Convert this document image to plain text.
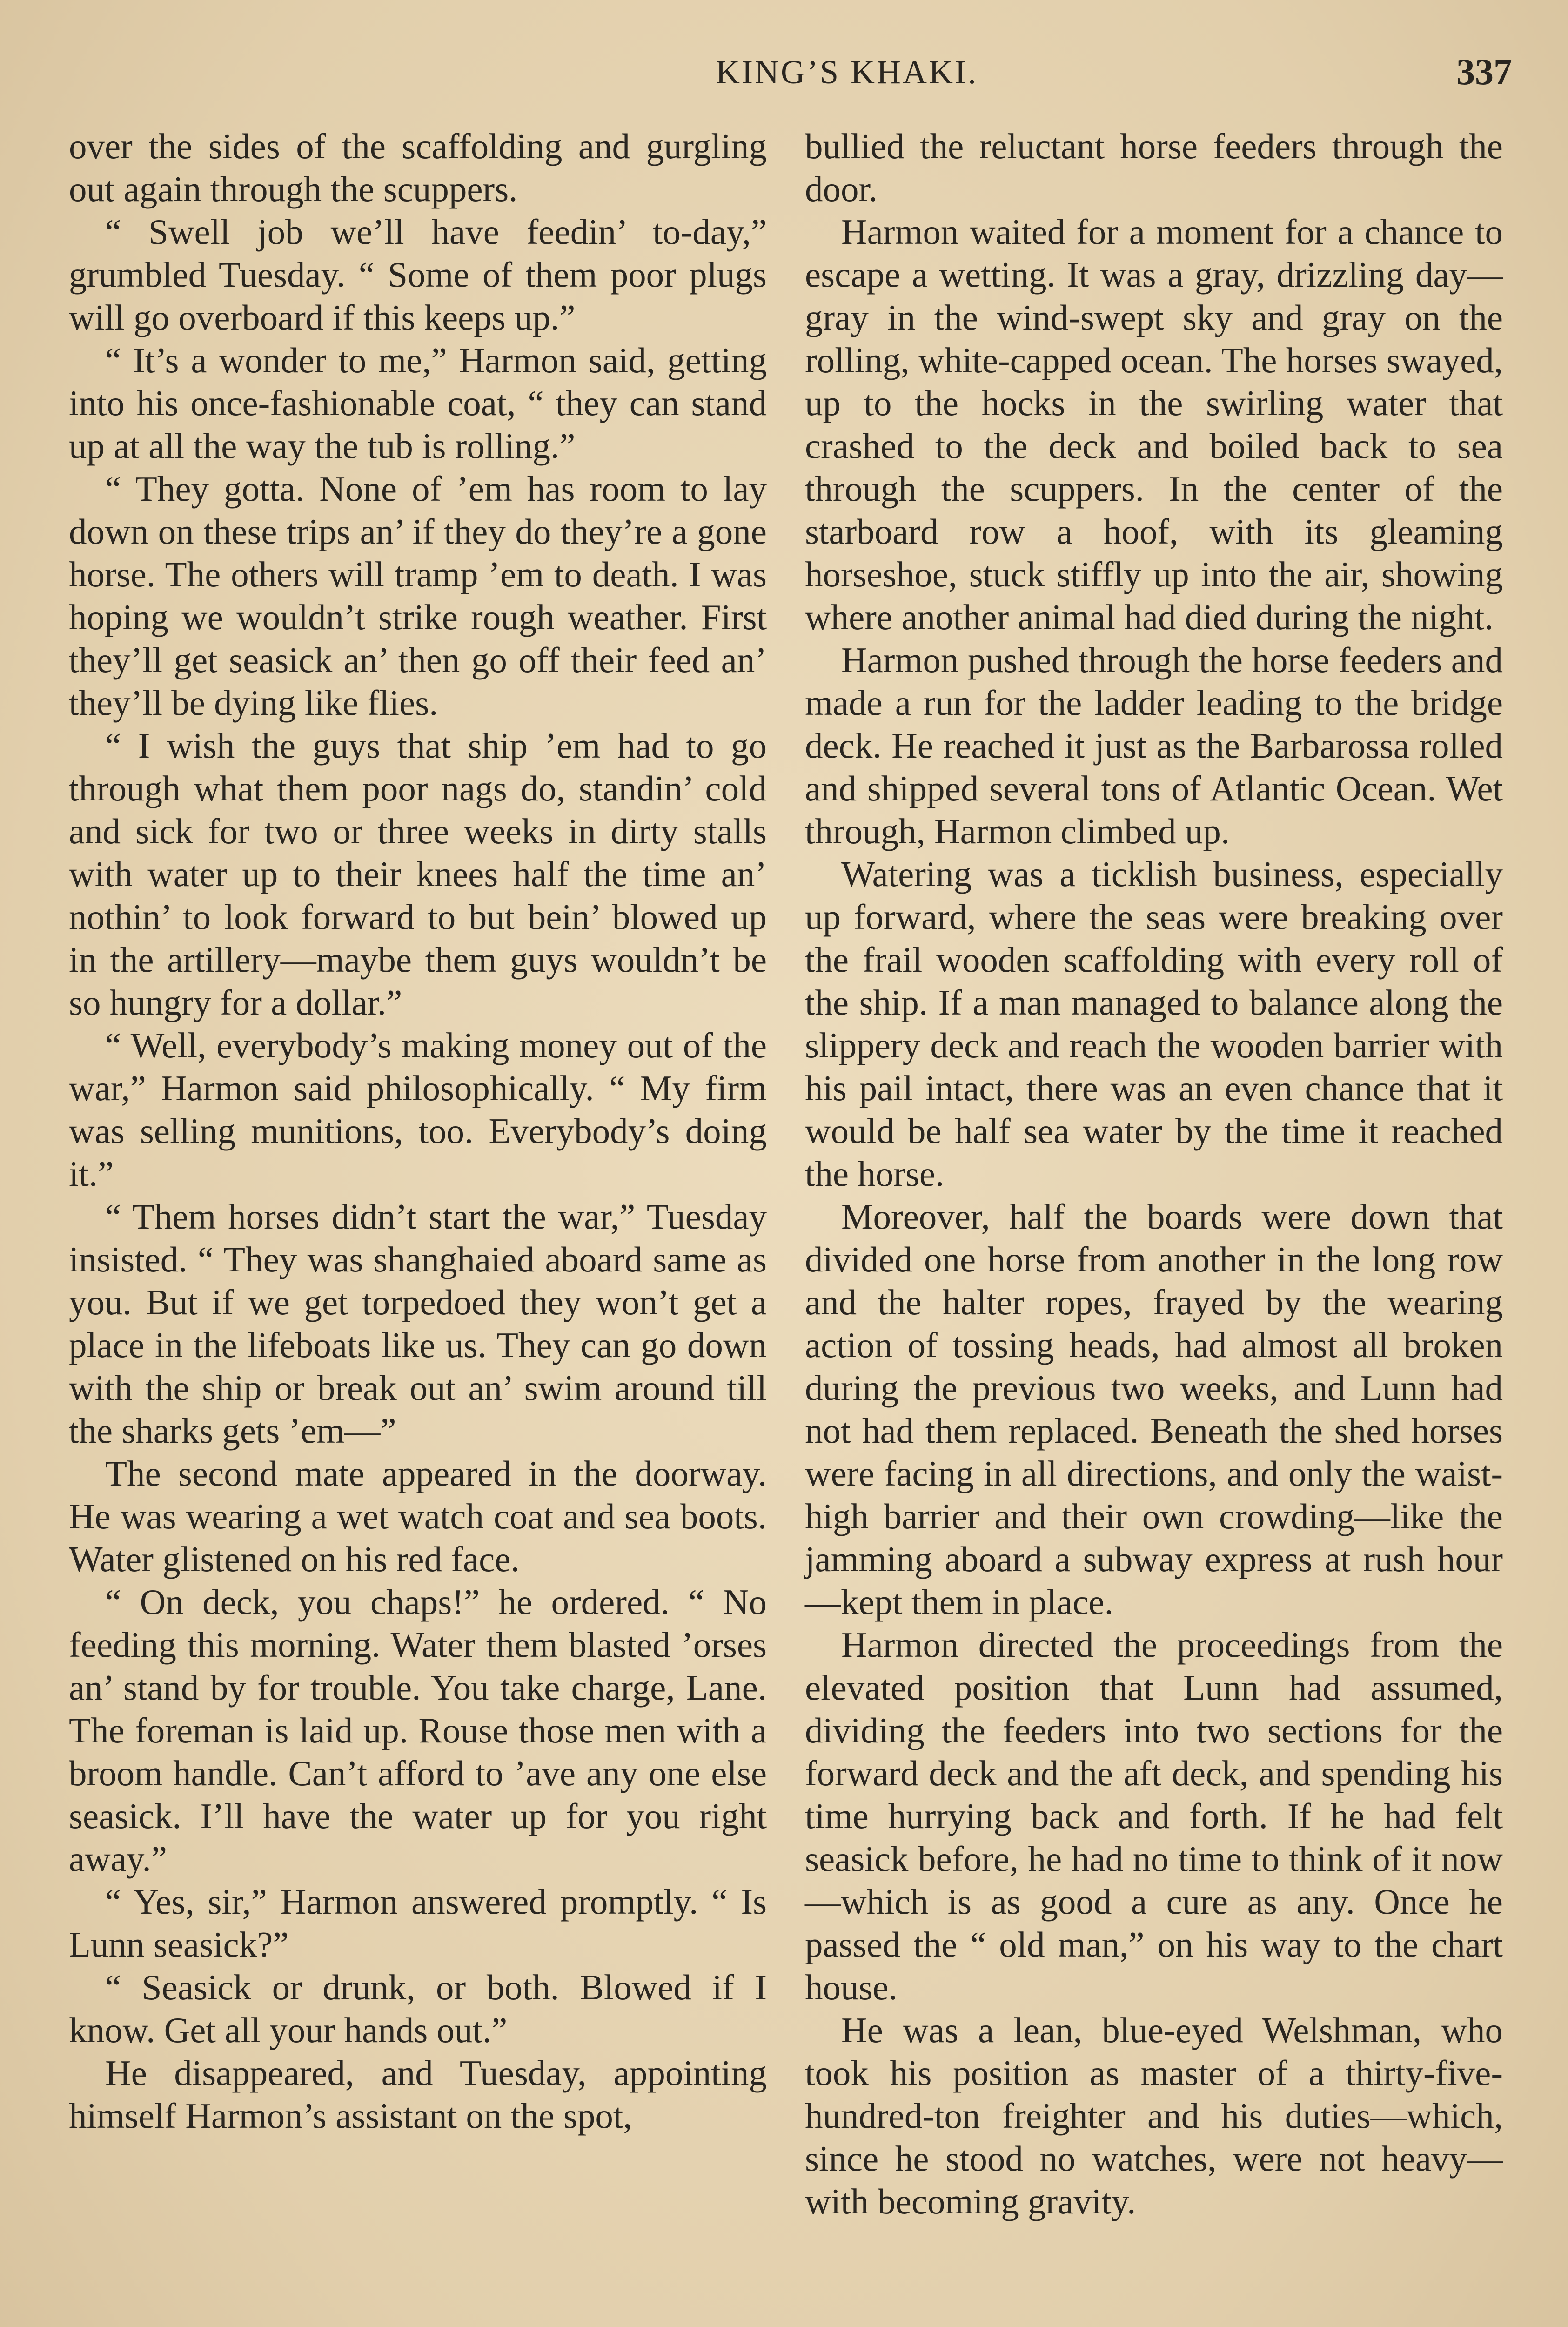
KING’S KHAKI.	337

over the sides of the scaffolding and gurgling out again through the scuppers.

“ Swell job we’ll have feedin’ to-day,” grumbled Tuesday. “ Some of them poor plugs will go overboard if this keeps up.”

“ It’s a wonder to me,” Harmon said, getting into his once-fashionable coat, “ they can stand up at all the way the tub is rolling.”

“ They gotta. None of ’em has room to lay down on these trips an’ if they do they’re a gone horse. The others will tramp ’em to death. I was hoping we wouldn’t strike rough weather. First they’ll get seasick an’ then go off their feed an’ they’ll be dying like flies.

“ I wish the guys that ship ’em had to go through what them poor nags do, standin’ cold and sick for two or three weeks in dirty stalls with water up to their knees half the time an’ nothin’ to look forward to but bein’ blowed up in the artillery—maybe them guys wouldn’t be so hungry for a dollar.”

“ Well, everybody’s making money out of the war,” Harmon said philosophically. “ My firm was selling munitions, too. Everybody’s doing it.”

“ Them horses didn’t start the war,” Tuesday insisted. “ They was shanghaied aboard same as you. But if we get torpedoed they won’t get a place in the lifeboats like us. They can go down with the ship or break out an’ swim around till the sharks gets ’em—”

The second mate appeared in the doorway. He was wearing a wet watch coat and sea boots. Water glistened on his red face.

“ On deck, you chaps!” he ordered. “ No feeding this morning. Water them blasted ’orses an’ stand by for trouble. You take charge, Lane. The foreman is laid up. Rouse those men with a broom handle. Can’t afford to ’ave any one else seasick. I’ll have the water up for you right away.”

“ Yes, sir,” Harmon answered promptly. “ Is Lunn seasick?”

“ Seasick or drunk, or both. Blowed if I know. Get all your hands out.”

He disappeared, and Tuesday, appointing himself Harmon’s assistant on the spot,

bullied the reluctant horse feeders through the door.

Harmon waited for a moment for a chance to escape a wetting. It was a gray, drizzling day—gray in the wind-swept sky and gray on the rolling, white-capped ocean. The horses swayed, up to the hocks in the swirling water that crashed to the deck and boiled back to sea through the scuppers. In the center of the starboard row a hoof, with its gleaming horseshoe, stuck stiffly up into the air, showing where another animal had died during the night.

Harmon pushed through the horse feeders and made a run for the ladder leading to the bridge deck. He reached it just as the Barbarossa rolled and shipped several tons of Atlantic Ocean. Wet through, Harmon climbed up.

Watering was a ticklish business, especially up forward, where the seas were breaking over the frail wooden scaffolding with every roll of the ship. If a man managed to balance along the slippery deck and reach the wooden barrier with his pail intact, there was an even chance that it would be half sea water by the time it reached the horse.

Moreover, half the boards were down that divided one horse from another in the long row and the halter ropes, frayed by the wearing action of tossing heads, had almost all broken during the previous two weeks, and Lunn had not had them replaced. Beneath the shed horses were facing in all directions, and only the waist-high barrier and their own crowding—like the jamming aboard a subway express at rush hour—kept them in place.

Harmon directed the proceedings from the elevated position that Lunn had assumed, dividing the feeders into two sections for the forward deck and the aft deck, and spending his time hurrying back and forth. If he had felt seasick before, he had no time to think of it now—which is as good a cure as any. Once he passed the “ old man,” on his way to the chart house.

He was a lean, blue-eyed Welshman, who took his position as master of a thirty-five-hundred-ton freighter and his duties—which, since he stood no watches, were not heavy—with becoming gravity.
